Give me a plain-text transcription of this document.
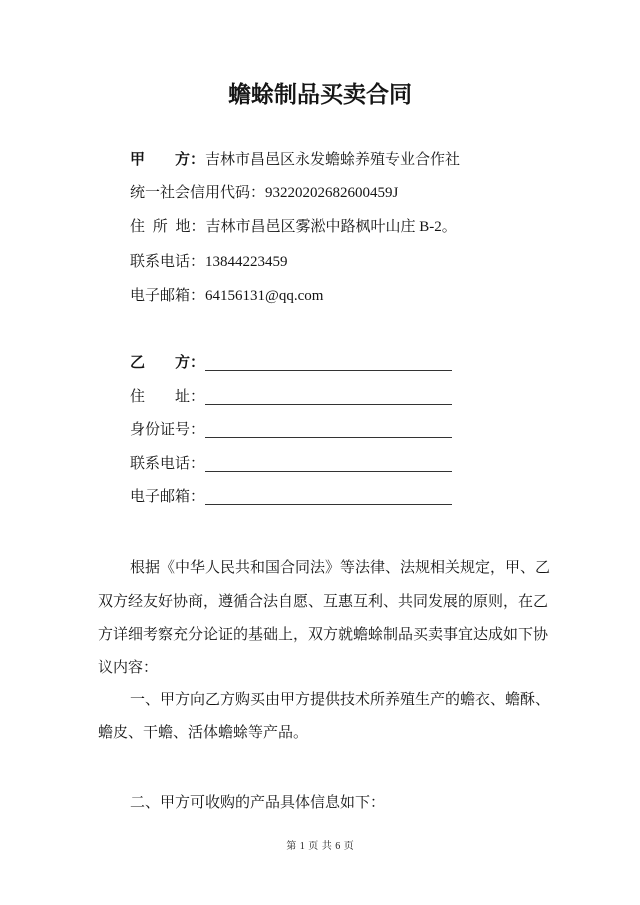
蟾蜍制品买卖合同
甲　　方：吉林市昌邑区永发蟾蜍养殖专业合作社
统一社会信用代码：93220202682600459J
住 所 地：吉林市昌邑区雾淞中路枫叶山庄 B-2。
联系电话：13844223459
电子邮箱：64156131@qq.com
乙　　方：
住　　址：
身份证号：
联系电话：
电子邮箱：
根据《中华人民共和国合同法》等法律、法规相关规定，甲、乙
双方经友好协商，遵循合法自愿、互惠互利、共同发展的原则，在乙
方详细考察充分论证的基础上，双方就蟾蜍制品买卖事宜达成如下协
议内容：
一、甲方向乙方购买由甲方提供技术所养殖生产的蟾衣、蟾酥、
蟾皮、干蟾、活体蟾蜍等产品。
二、甲方可收购的产品具体信息如下：
第 1 页 共 6 页
